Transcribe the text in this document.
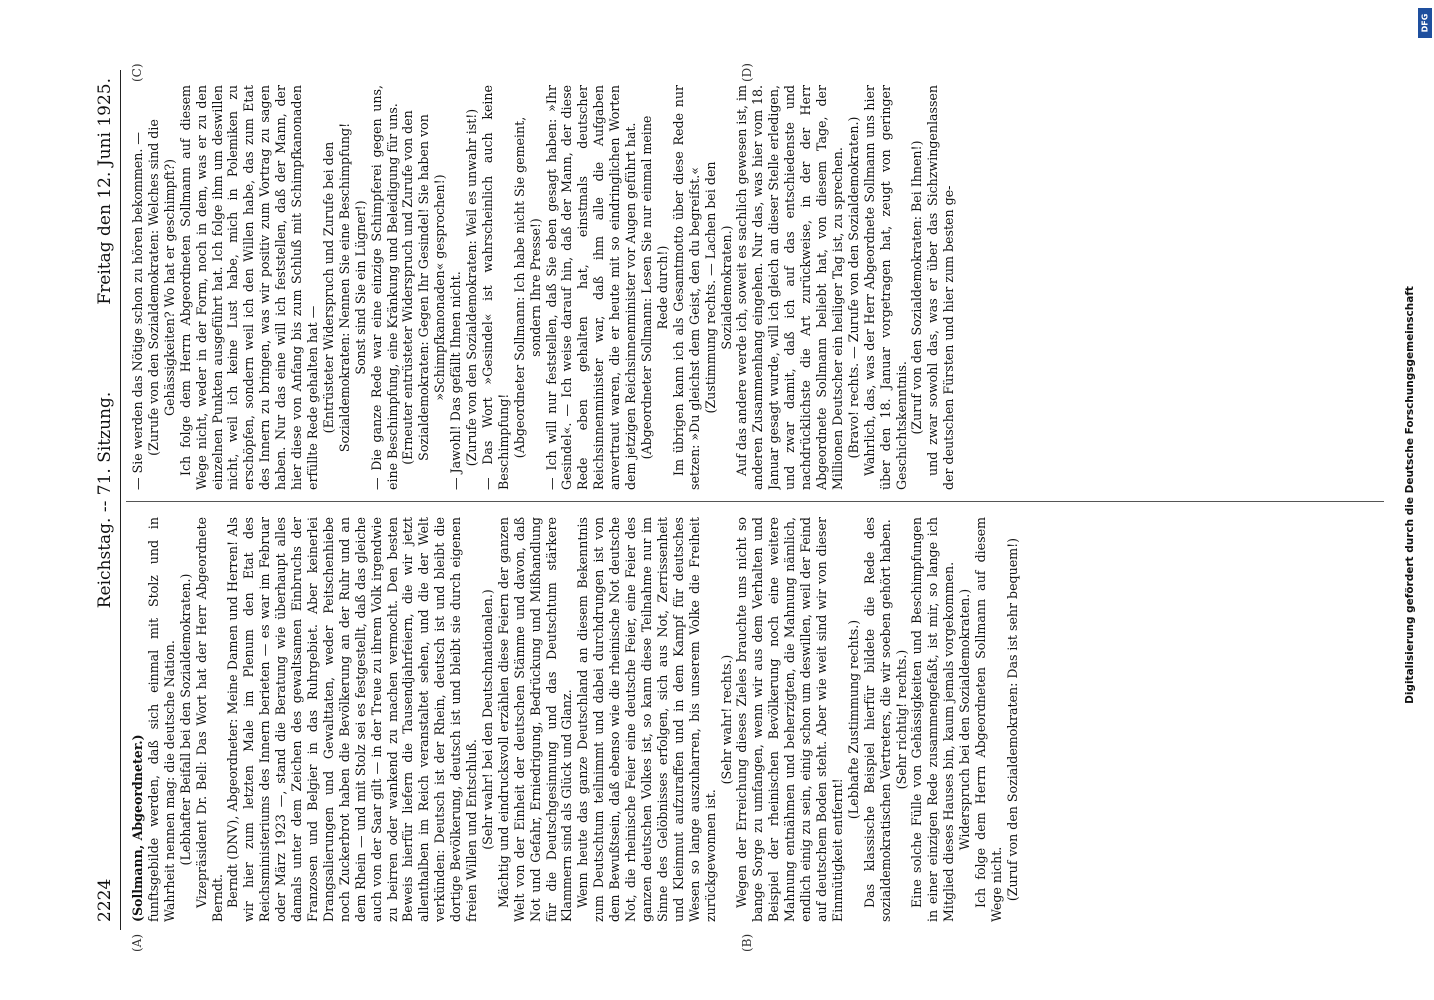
2224
Reichstag. -- 71. Sitzung.
Freitag den 12. Juni 1925.
(A)	(B)
(C)	(D)

(Sollmann, Abgeordneter.) funftsgebilde werden, daß sich einmal mit Stolz und in Wahrheit nennen mag: die deutsche Nation. (Lebhafter Beifall bei den Sozialdemokraten.) Vizepräsident Dr. Bell: Das Wort hat der Herr Abgeordnete Berndt. Berndt (DNV), Abgeordneter: Meine Damen und Herren! Als wir hier zum letzten Male im Plenum den Etat des Reichsministeriums des Innern berieten — es war im Februar oder März 1923 —, stand die Beratung wie überhaupt alles damals unter dem Zeichen des gewaltsamen Einbruchs der Franzosen und Belgier in das Ruhrgebiet. Aber keinerlei Drangsalierungen und Gewalttaten, weder Peitschenhiebe noch Zuckerbrot haben die Bevölkerung an der Ruhr und an dem Rhein — und mit Stolz sei es festgestellt, daß das gleiche auch von der Saar gilt — in der Treue zu ihrem Volk irgendwie zu beirren oder wankend zu machen vermocht. Den besten Beweis hierfür liefern die Tausendjahrfeiern, die wir jetzt allenthalben im Reich veranstaltet sehen, und die der Welt verkünden: Deutsch ist der Rhein, deutsch ist und bleibt die dortige Bevölkerung, deutsch ist und bleibt sie durch eigenen freien Willen und Entschluß. (Sehr wahr! bei den Deutschnationalen.) Mächtig und eindrucksvoll erzählen diese Feiern der ganzen Welt von der Einheit der deutschen Stämme und davon, daß Not und Gefahr, Erniedrigung, Bedrückung und Mißhandlung für die Deutschgesinnung und das Deutschtum stärkere Klammern sind als Glück und Glanz. Wenn heute das ganze Deutschland an diesem Bekenntnis zum Deutschtum teilnimmt und dabei durchdrungen ist von dem Bewußtsein, daß ebenso wie die rheinische Not deutsche Not, die rheinische Feier eine deutsche Feier, eine Feier des ganzen deutschen Volkes ist, so kann diese Teilnahme nur im Sinne des Gelöbnisses erfolgen, sich aus Not, Zerrissenheit und Kleinmut aufzuraffen und in dem Kampf für deutsches Wesen so lange auszuharren, bis unserem Volke die Freiheit zurückgewonnen ist.

(Sehr wahr! rechts.) Wegen der Erreichung dieses Zieles brauchte uns nicht so bange Sorge zu umfangen, wenn wir aus dem Verhalten und Beispiel der rheinischen Bevölkerung noch eine weitere Mahnung entnähmen und beherzigten, die Mahnung nämlich, endlich einig zu sein, einig schon um deswillen, weil der Feind auf deutschem Boden steht. Aber wie weit sind wir von dieser Einmütigkeit entfernt!

(Lebhafte Zustimmung rechts.) Das klassische Beispiel hierfür bildete die Rede des sozialdemokratischen Vertreters, die wir soeben gehört haben. (Sehr richtig! rechts.) Eine solche Fülle von Gehässigkeiten und Beschimpfungen in einer einzigen Rede zusammengefaßt, ist mir, so lange ich Mitglied dieses Hauses bin, kaum jemals vorgekommen. Widerspruch bei den Sozialdemokraten.) Ich folge dem Herrn Abgeordneten Sollmann auf diesem Wege nicht. (Zuruf von den Sozialdemokraten: Das ist sehr bequem!)

— Sie werden das Nötige schon zu hören bekommen. — (Zurufe von den Sozialdemokraten: Welches sind die Gehässigkeiten? Wo hat er geschimpft?) Ich folge dem Herrn Abgeordneten Sollmann auf diesem Wege nicht, weder in der Form, noch in dem, was er zu den einzelnen Punkten ausgeführt hat. Ich folge ihm um deswillen nicht, weil ich keine Lust habe, mich in Polemiken zu erschöpfen, sondern weil ich den Willen habe, das zum Etat des Innern zu bringen, was wir positiv zum Vortrag zu sagen haben. Nur das eine will ich feststellen, daß der Mann, der hier diese von Anfang bis zum Schluß mit Schimpfkanonaden erfüllte Rede gehalten hat — (Entrüsteter Widerspruch und Zurufe bei den Sozialdemokraten: Nennen Sie eine Beschimpfung! Sonst sind Sie ein Lügner!) — Die ganze Rede war eine einzige Schimpferei gegen uns, eine Beschimpfung, eine Kränkung und Beleidigung für uns. (Erneuter entrüsteter Widerspruch und Zurufe von den Sozialdemokraten: Gegen Ihr Gesindel! Sie haben von »Schimpfkanonaden« gesprochen!) — Jawohl! Das gefällt Ihnen nicht. (Zurufe von den Sozialdemokraten: Weil es unwahr ist!) — Das Wort »Gesindel« ist wahrscheinlich auch keine Beschimpfung! (Abgeordneter Sollmann: Ich habe nicht Sie gemeint, sondern Ihre Presse!) — Ich will nur feststellen, daß Sie eben gesagt haben: »Ihr Gesindel«. — Ich weise darauf hin, daß der Mann, der diese Rede eben gehalten hat, einstmals deutscher Reichsinnenminister war, daß ihm alle die Aufgaben anvertraut waren, die er heute mit so eindringlichen Worten dem jetzigen Reichsinnenminister vor Augen geführt hat. (Abgeordneter Sollmann: Lesen Sie nur einmal meine Rede durch!) Im übrigen kann ich als Gesamtmotto über diese Rede nur setzen: »Du gleichst dem Geist, den du begreifst.« (Zustimmung rechts. — Lachen bei den Sozialdemokraten.) Auf das andere werde ich, soweit es sachlich gewesen ist, im anderen Zusammenhang eingehen. Nur das, was hier vom 18. Januar gesagt wurde, will ich gleich an dieser Stelle erledigen, und zwar damit, daß ich auf das entschiedenste und nachdrücklichste die Art zurückweise, in der der Herr Abgeordnete Sollmann beliebt hat, von diesem Tage, der Millionen Deutscher ein heiliger Tag ist, zu sprechen. (Bravo! rechts. — Zurufe von den Sozialdemokraten.) Wahrlich, das, was der Herr Abgeordnete Sollmann uns hier über den 18. Januar vorgetragen hat, zeugt von geringer Geschichtskenntnis. (Zuruf von den Sozialdemokraten: Bei Ihnen!) und zwar sowohl das, was er über das Sichzwingenlassen der deutschen Fürsten und hier zum besten ge-	Digitalisierung gefördert durch die Deutsche Forschungsgemeinschaft
DFG
